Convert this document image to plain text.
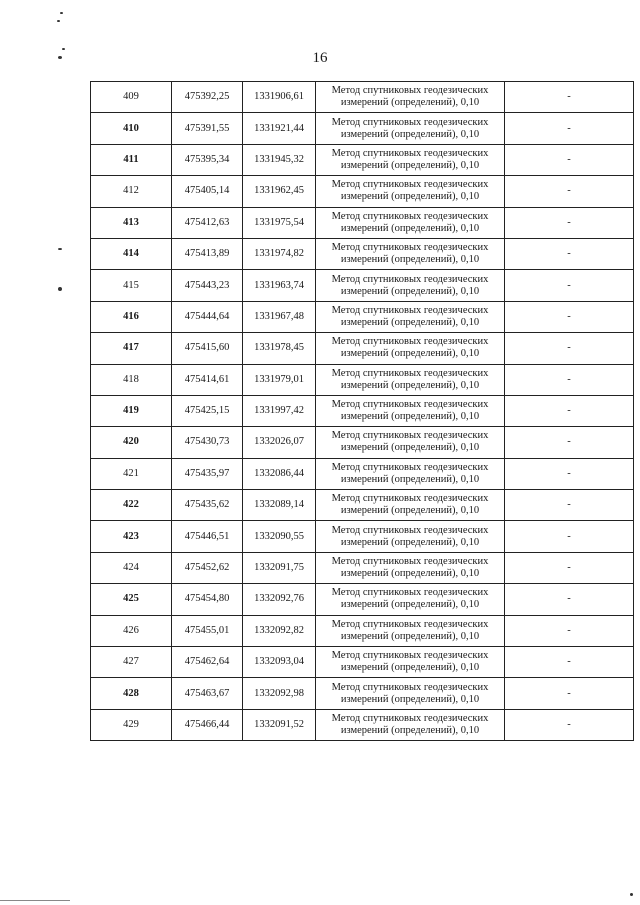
16
409	475392,25	1331906,61	Метод спутниковых геодезических измерений (определений), 0,10	-
410	475391,55	1331921,44	Метод спутниковых геодезических измерений (определений), 0,10	-
411	475395,34	1331945,32	Метод спутниковых геодезических измерений (определений), 0,10	-
412	475405,14	1331962,45	Метод спутниковых геодезических измерений (определений), 0,10	-
413	475412,63	1331975,54	Метод спутниковых геодезических измерений (определений), 0,10	-
414	475413,89	1331974,82	Метод спутниковых геодезических измерений (определений), 0,10	-
415	475443,23	1331963,74	Метод спутниковых геодезических измерений (определений), 0,10	-
416	475444,64	1331967,48	Метод спутниковых геодезических измерений (определений), 0,10	-
417	475415,60	1331978,45	Метод спутниковых геодезических измерений (определений), 0,10	-
418	475414,61	1331979,01	Метод спутниковых геодезических измерений (определений), 0,10	-
419	475425,15	1331997,42	Метод спутниковых геодезических измерений (определений), 0,10	-
420	475430,73	1332026,07	Метод спутниковых геодезических измерений (определений), 0,10	-
421	475435,97	1332086,44	Метод спутниковых геодезических измерений (определений), 0,10	-
422	475435,62	1332089,14	Метод спутниковых геодезических измерений (определений), 0,10	-
423	475446,51	1332090,55	Метод спутниковых геодезических измерений (определений), 0,10	-
424	475452,62	1332091,75	Метод спутниковых геодезических измерений (определений), 0,10	-
425	475454,80	1332092,76	Метод спутниковых геодезических измерений (определений), 0,10	-
426	475455,01	1332092,82	Метод спутниковых геодезических измерений (определений), 0,10	-
427	475462,64	1332093,04	Метод спутниковых геодезических измерений (определений), 0,10	-
428	475463,67	1332092,98	Метод спутниковых геодезических измерений (определений), 0,10	-
429	475466,44	1332091,52	Метод спутниковых геодезических измерений (определений), 0,10	-
